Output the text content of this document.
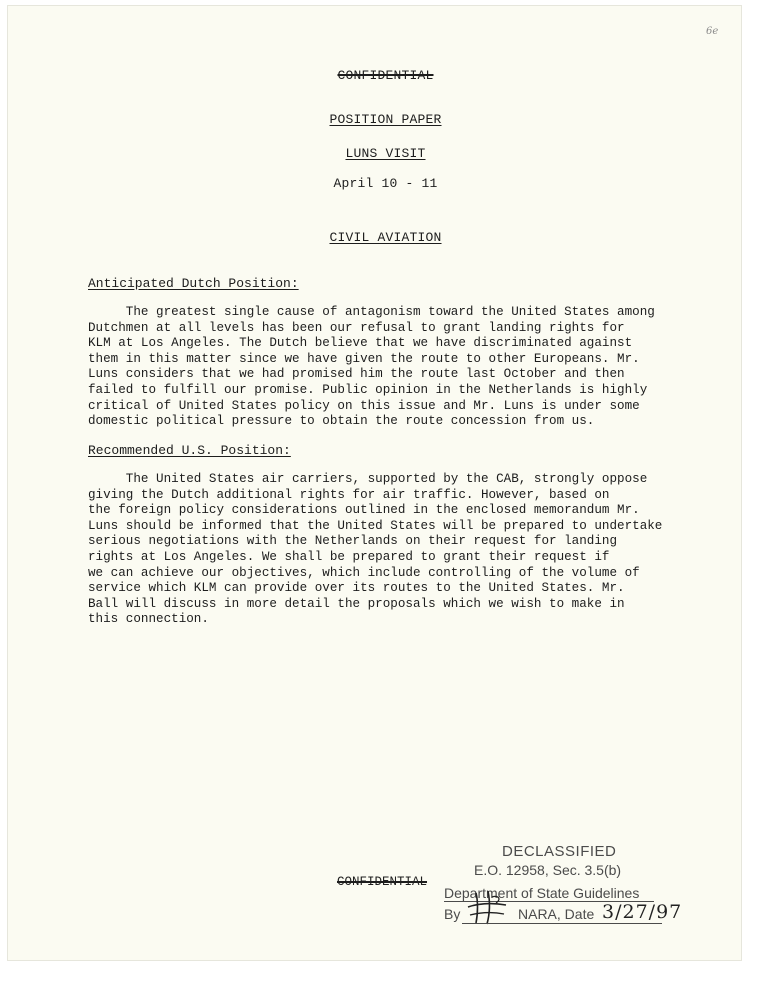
6e
CONFIDENTIAL
POSITION PAPER
LUNS VISIT
April 10 - 11
CIVIL AVIATION
Anticipated Dutch Position:
The greatest single cause of antagonism toward the United States among
Dutchmen at all levels has been our refusal to grant landing rights for
KLM at Los Angeles. The Dutch believe that we have discriminated against
them in this matter since we have given the route to other Europeans. Mr.
Luns considers that we had promised him the route last October and then
failed to fulfill our promise. Public opinion in the Netherlands is highly
critical of United States policy on this issue and Mr. Luns is under some
domestic political pressure to obtain the route concession from us.
Recommended U.S. Position:
The United States air carriers, supported by the CAB, strongly oppose
giving the Dutch additional rights for air traffic. However, based on
the foreign policy considerations outlined in the enclosed memorandum Mr.
Luns should be informed that the United States will be prepared to undertake
serious negotiations with the Netherlands on their request for landing
rights at Los Angeles. We shall be prepared to grant their request if
we can achieve our objectives, which include controlling of the volume of
service which KLM can provide over its routes to the United States. Mr.
Ball will discuss in more detail the proposals which we wish to make in
this connection.
CONFIDENTIAL
DECLASSIFIED
E.O. 12958, Sec. 3.5(b)
Department of State Guidelines
By	NARA, Date 3/27/97
